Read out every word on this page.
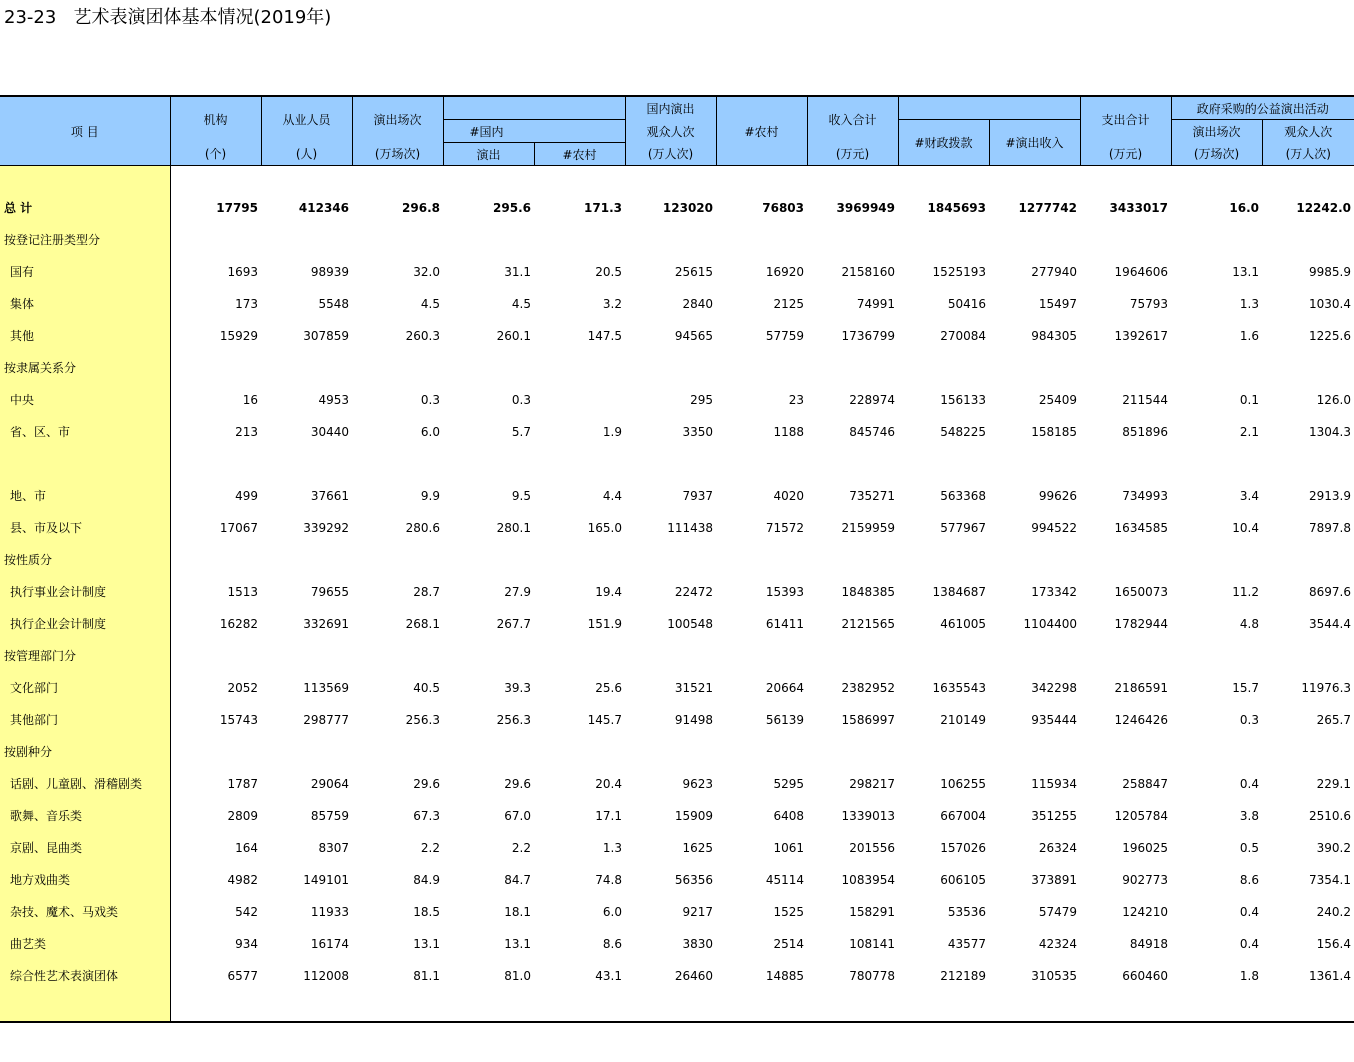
23-23   艺术表演团体基本情况(2019年)
项 目	机构	从业人员	演出场次			国内演出		收入合计			支出合计	政府采购的公益演出活动	
				#国内		观众人次	#农村		#财政拨款	#演出收入		演出场次	观众人次
	(个)	(人)	(万场次)	演出	#农村	(万人次)		(万元)			(万元)	(万场次)	(万人次)

总 计	17795	412346	296.8	295.6	171.3	123020	76803	3969949	1845693	1277742	3433017	16.0	12242.0
按登记注册类型分													
国有	1693	98939	32.0	31.1	20.5	25615	16920	2158160	1525193	277940	1964606	13.1	9985.9
集体	173	5548	4.5	4.5	3.2	2840	2125	74991	50416	15497	75793	1.3	1030.4
其他	15929	307859	260.3	260.1	147.5	94565	57759	1736799	270084	984305	1392617	1.6	1225.6
按隶属关系分													
中央	16	4953	0.3	0.3		295	23	228974	156133	25409	211544	0.1	126.0
省、区、市	213	30440	6.0	5.7	1.9	3350	1188	845746	548225	158185	851896	2.1	1304.3

地、市	499	37661	9.9	9.5	4.4	7937	4020	735271	563368	99626	734993	3.4	2913.9
县、市及以下	17067	339292	280.6	280.1	165.0	111438	71572	2159959	577967	994522	1634585	10.4	7897.8
按性质分													
执行事业会计制度	1513	79655	28.7	27.9	19.4	22472	15393	1848385	1384687	173342	1650073	11.2	8697.6
执行企业会计制度	16282	332691	268.1	267.7	151.9	100548	61411	2121565	461005	1104400	1782944	4.8	3544.4
按管理部门分													
文化部门	2052	113569	40.5	39.3	25.6	31521	20664	2382952	1635543	342298	2186591	15.7	11976.3
其他部门	15743	298777	256.3	256.3	145.7	91498	56139	1586997	210149	935444	1246426	0.3	265.7
按剧种分													
话剧、儿童剧、滑稽剧类	1787	29064	29.6	29.6	20.4	9623	5295	298217	106255	115934	258847	0.4	229.1
歌舞、音乐类	2809	85759	67.3	67.0	17.1	15909	6408	1339013	667004	351255	1205784	3.8	2510.6
京剧、昆曲类	164	8307	2.2	2.2	1.3	1625	1061	201556	157026	26324	196025	0.5	390.2
地方戏曲类	4982	149101	84.9	84.7	74.8	56356	45114	1083954	606105	373891	902773	8.6	7354.1
杂技、魔术、马戏类	542	11933	18.5	18.1	6.0	9217	1525	158291	53536	57479	124210	0.4	240.2
曲艺类	934	16174	13.1	13.1	8.6	3830	2514	108141	43577	42324	84918	0.4	156.4
综合性艺术表演团体	6577	112008	81.1	81.0	43.1	26460	14885	780778	212189	310535	660460	1.8	1361.4
